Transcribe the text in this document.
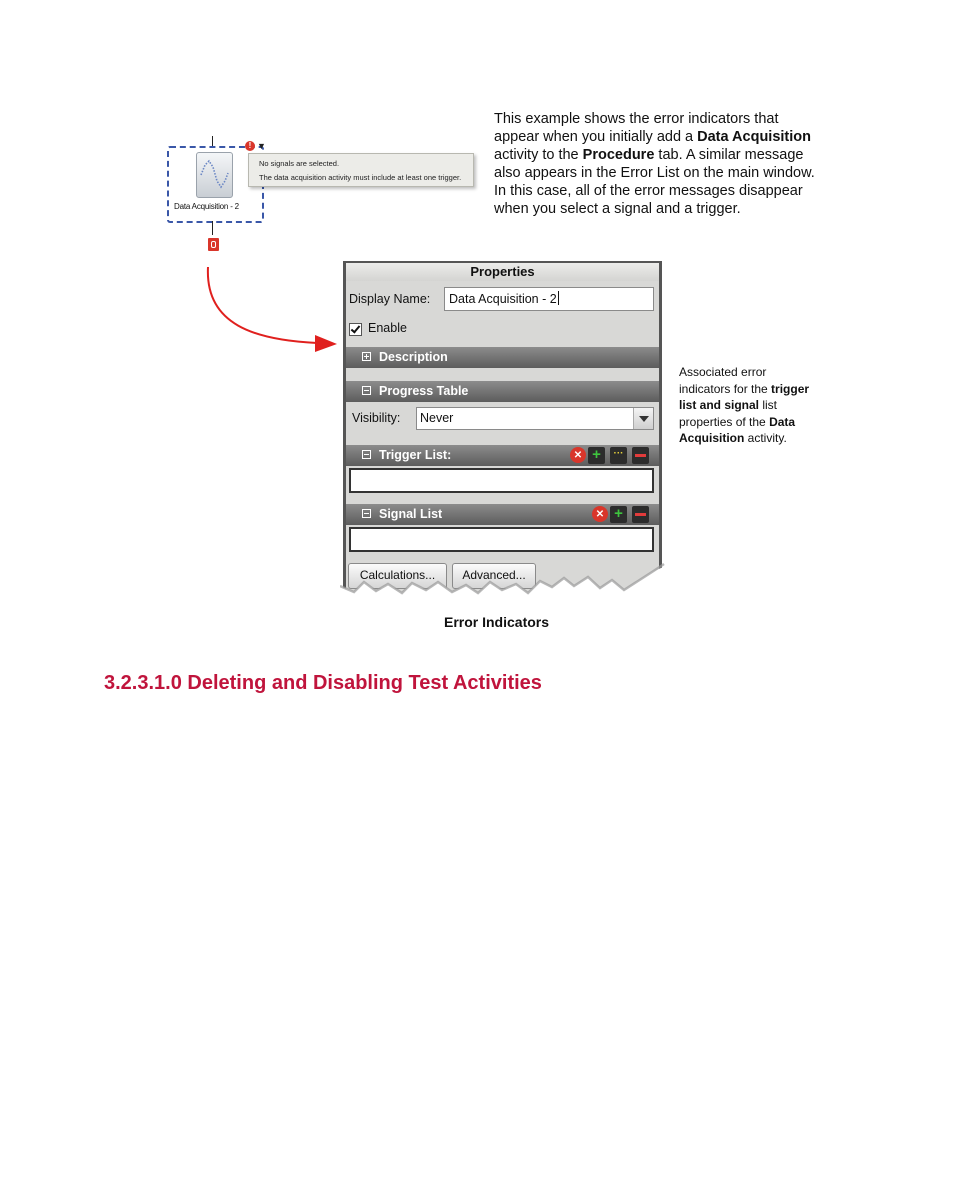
Data Acquisition - 2
! ▼
No signals are selected.
The data acquisition activity must include at least one trigger.
This example shows the error indicators that appear when you initially add a Data Acquisition activity to the Procedure tab. A similar message also appears in the Error List on the main window. In this case, all of the error messages disappear when you select a signal and a trigger.
Properties
Display Name:	Data Acquisition - 2
Enable
Description
Progress Table
Visibility:	Never
Trigger List:	✕ +	···
Signal List	✕ +
Calculations...	Advanced...
Associated error indicators for the trigger list and signal list properties of the Data Acquisition activity.
Error Indicators
3.2.3.1.0 Deleting and Disabling Test Activities
